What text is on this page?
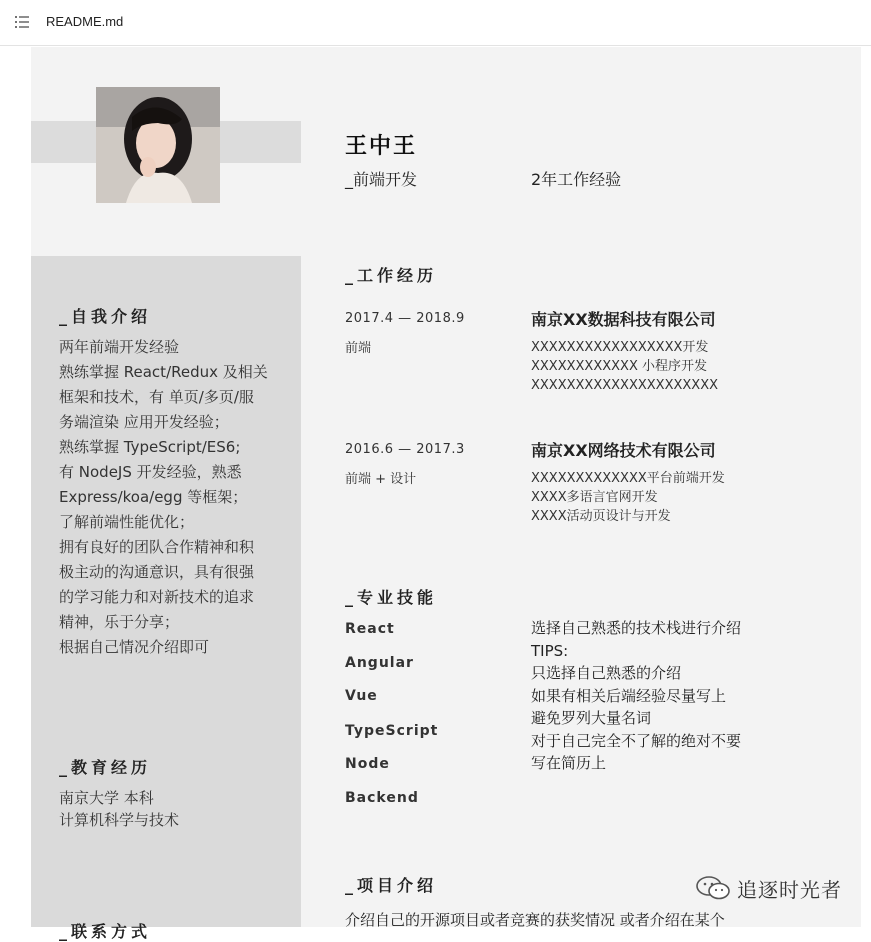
README.md
_自我介绍
两年前端开发经验
熟练掌握 React/Redux 及相关
框架和技术，有 单页/多页/服
务端渲染 应用开发经验；
熟练掌握 TypeScript/ES6;
有 NodeJS 开发经验，熟悉
Express/koa/egg 等框架；
了解前端性能优化；
拥有良好的团队合作精神和积
极主动的沟通意识，具有很强
的学习能力和对新技术的追求
精神，乐于分享；
根据自己情况介绍即可
_教育经历
南京大学 本科
计算机科学与技术
_联系方式
王中王
_前端开发	2年工作经验
_工作经历
2017.4 — 2018.9
前端
南京XX数据科技有限公司
XXXXXXXXXXXXXXXXX开发
XXXXXXXXXXXX 小程序开发
XXXXXXXXXXXXXXXXXXXXX
2016.6 — 2017.3
前端 + 设计
南京XX网络技术有限公司
XXXXXXXXXXXXX平台前端开发
XXXX多语言官网开发
XXXX活动页设计与开发
_专业技能
React
Angular
Vue
TypeScript
Node
Backend
选择自己熟悉的技术栈进行介绍
TIPS:
只选择自己熟悉的介绍
如果有相关后端经验尽量写上
避免罗列大量名词
对于自己完全不了解的绝对不要
写在简历上
_项目介绍
介绍自己的开源项目或者竞赛的获奖情况 或者介绍在某个
追逐时光者
